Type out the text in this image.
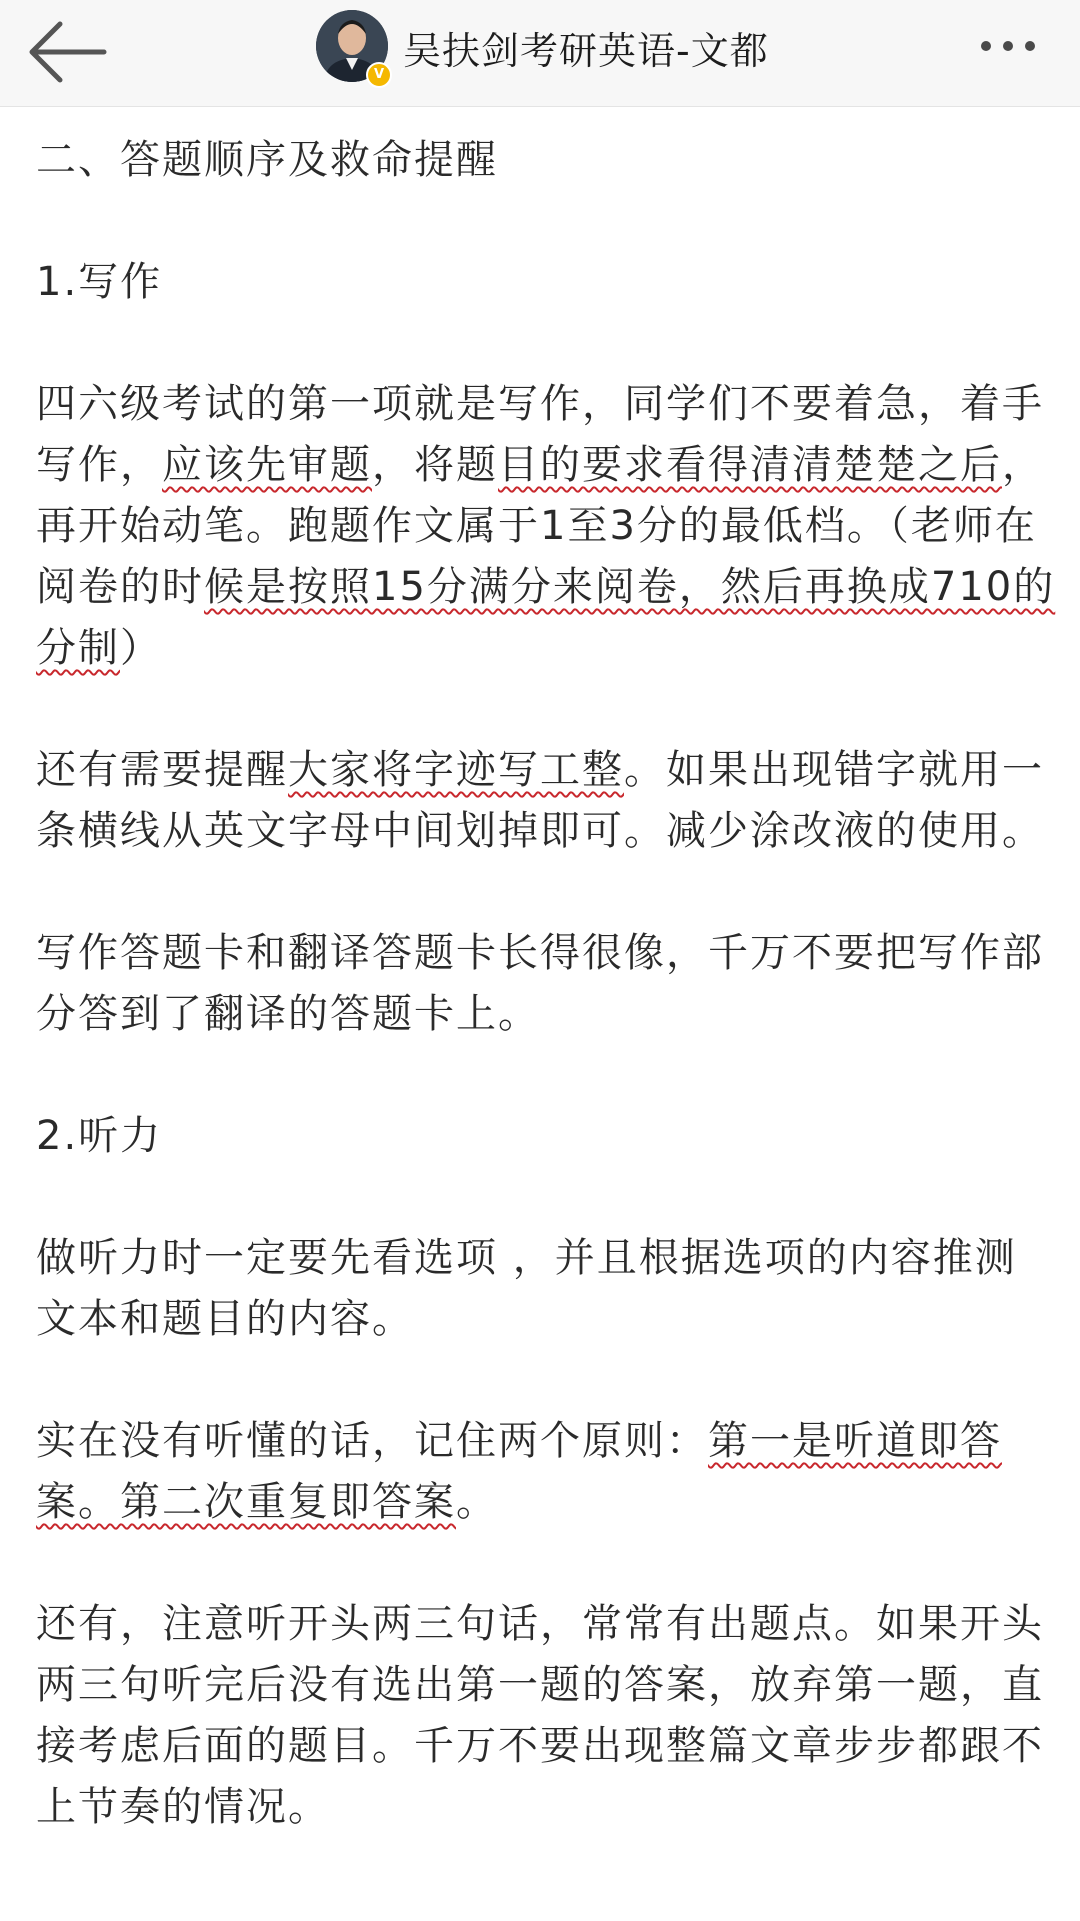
V
吴扶剑考研英语-文都

二、答题顺序及救命提醒

1.写作

四六级考试的第一项就是写作，同学们不要着急，着手写作，应该先审题，将题目的要求看得清清楚楚之后，再开始动笔。跑题作文属于1至3分的最低档。（老师在阅卷的时候是按照15分满分来阅卷，然后再换成710的分制）

还有需要提醒大家将字迹写工整。如果出现错字就用一条横线从英文字母中间划掉即可。减少涂改液的使用。

写作答题卡和翻译答题卡长得很像，千万不要把写作部分答到了翻译的答题卡上。

2.听力

做听力时一定要先看选项 ，并且根据选项的内容推测文本和题目的内容。

实在没有听懂的话，记住两个原则：第一是听道即答案。第二次重复即答案。

还有，注意听开头两三句话，常常有出题点。如果开头两三句听完后没有选出第一题的答案，放弃第一题，直接考虑后面的题目。千万不要出现整篇文章步步都跟不上节奏的情况。
